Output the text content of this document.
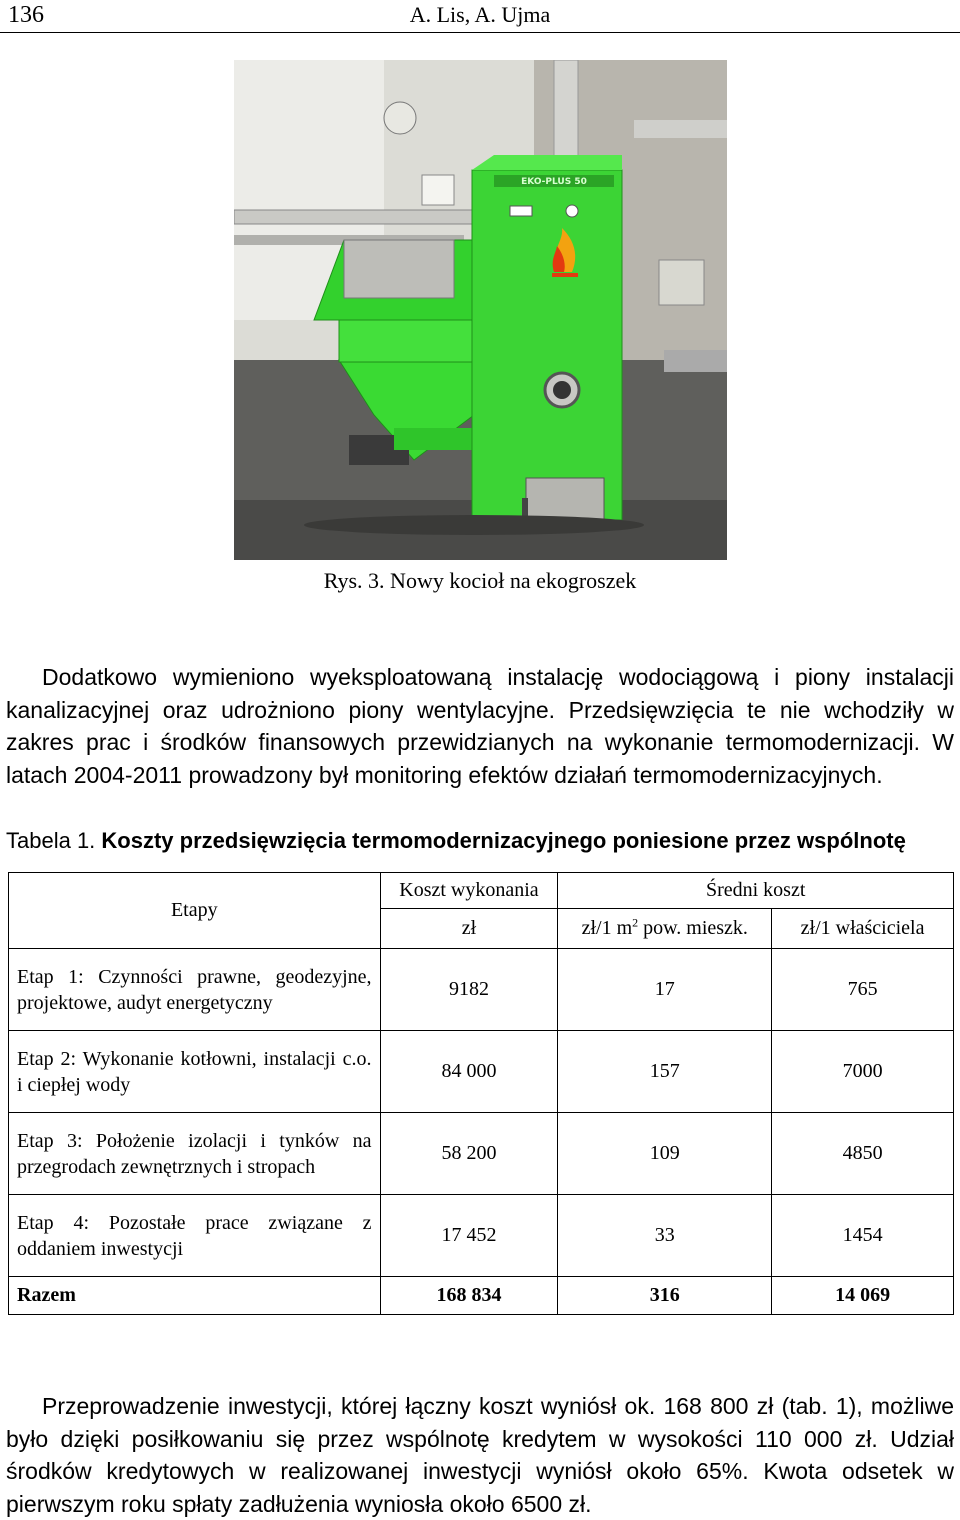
136	A. Lis, A. Ujma
EKO-PLUS 50
Rys. 3. Nowy kocioł na ekogroszek

Dodatkowo wymieniono wyeksploatowaną instalację wodociągową i piony instalacji kanalizacyjnej oraz udrożniono piony wentylacyjne. Przedsięwzięcia te nie wchodziły w zakres prac i środków finansowych przewidzianych na wykonanie termomodernizacji. W latach 2004-2011 prowadzony był monitoring efektów działań termomodernizacyjnych.

Tabela 1. Koszty przedsięwzięcia termomodernizacyjnego poniesione przez wspólnotę
Etapy	Koszt wykonania	Średni koszt	
	zł	zł/1 $m^2$ pow. mieszk.	zł/1 właściciela
Etap 1: Czynności prawne, geodezyjne, projektowe, audyt energetyczny	9182	17	765
Etap 2: Wykonanie kotłowni, instalacji c.o. i ciepłej wody	84 000	157	7000
Etap 3: Położenie izolacji i tynków na przegrodach zewnętrznych i stropach	58 200	109	4850
Etap 4: Pozostałe prace związane z oddaniem inwestycji	17 452	33	1454
Razem	168 834	316	14 069

Przeprowadzenie inwestycji, której łączny koszt wyniósł ok. 168 800 zł (tab. 1), możliwe było dzięki posiłkowaniu się przez wspólnotę kredytem w wysokości 110 000 zł. Udział środków kredytowych w realizowanej inwestycji wyniósł około 65%. Kwota odsetek w pierwszym roku spłaty zadłużenia wyniosła około 6500 zł.
